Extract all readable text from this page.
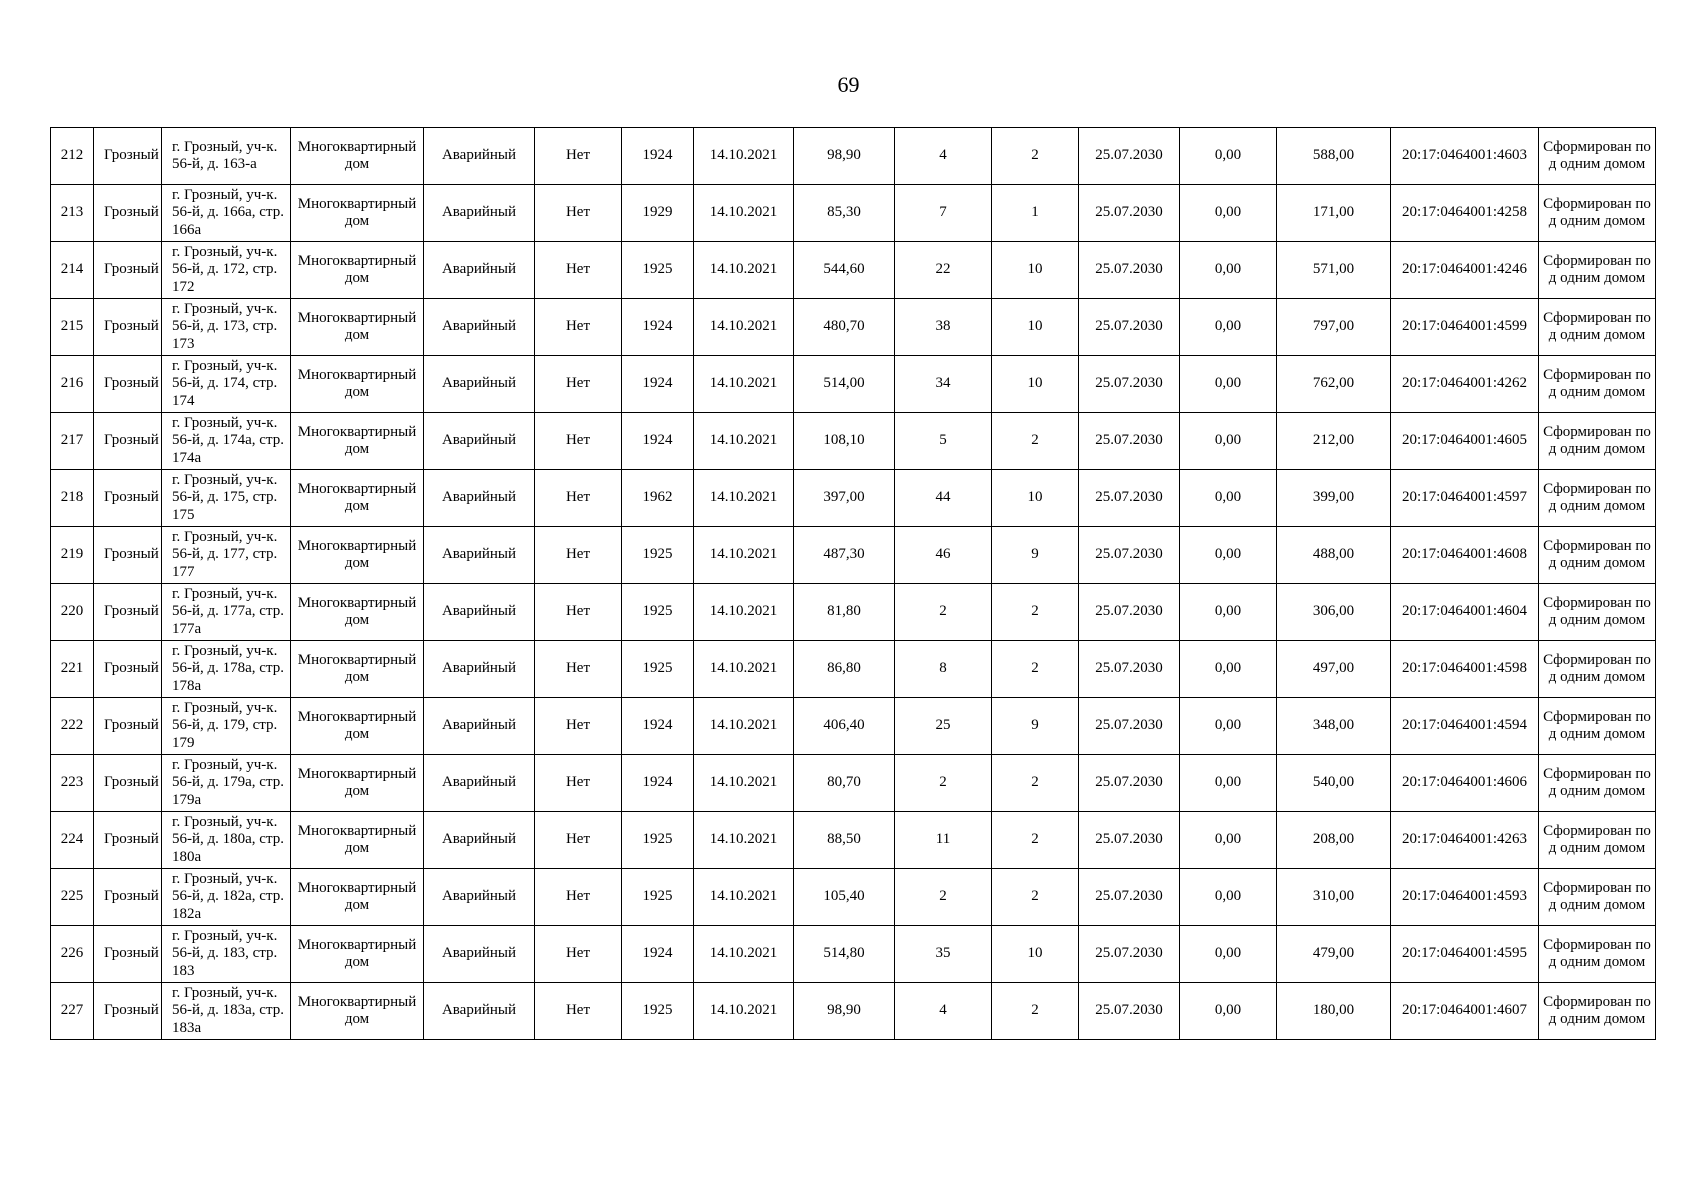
69
212	Грозный	г. Грозный, уч-к. 56-й, д. 163-а	Многоквартирный дом	Аварийный	Нет	1924	14.10.2021	98,90	4	2	25.07.2030	0,00	588,00	20:17:0464001:4603	Сформирован под одним домом
213	Грозный	г. Грозный, уч-к. 56-й, д. 166а, стр. 166а	Многоквартирный дом	Аварийный	Нет	1929	14.10.2021	85,30	7	1	25.07.2030	0,00	171,00	20:17:0464001:4258	Сформирован под одним домом
214	Грозный	г. Грозный, уч-к. 56-й, д. 172, стр. 172	Многоквартирный дом	Аварийный	Нет	1925	14.10.2021	544,60	22	10	25.07.2030	0,00	571,00	20:17:0464001:4246	Сформирован под одним домом
215	Грозный	г. Грозный, уч-к. 56-й, д. 173, стр. 173	Многоквартирный дом	Аварийный	Нет	1924	14.10.2021	480,70	38	10	25.07.2030	0,00	797,00	20:17:0464001:4599	Сформирован под одним домом
216	Грозный	г. Грозный, уч-к. 56-й, д. 174, стр. 174	Многоквартирный дом	Аварийный	Нет	1924	14.10.2021	514,00	34	10	25.07.2030	0,00	762,00	20:17:0464001:4262	Сформирован под одним домом
217	Грозный	г. Грозный, уч-к. 56-й, д. 174а, стр. 174а	Многоквартирный дом	Аварийный	Нет	1924	14.10.2021	108,10	5	2	25.07.2030	0,00	212,00	20:17:0464001:4605	Сформирован под одним домом
218	Грозный	г. Грозный, уч-к. 56-й, д. 175, стр. 175	Многоквартирный дом	Аварийный	Нет	1962	14.10.2021	397,00	44	10	25.07.2030	0,00	399,00	20:17:0464001:4597	Сформирован под одним домом
219	Грозный	г. Грозный, уч-к. 56-й, д. 177, стр. 177	Многоквартирный дом	Аварийный	Нет	1925	14.10.2021	487,30	46	9	25.07.2030	0,00	488,00	20:17:0464001:4608	Сформирован под одним домом
220	Грозный	г. Грозный, уч-к. 56-й, д. 177а, стр. 177а	Многоквартирный дом	Аварийный	Нет	1925	14.10.2021	81,80	2	2	25.07.2030	0,00	306,00	20:17:0464001:4604	Сформирован под одним домом
221	Грозный	г. Грозный, уч-к. 56-й, д. 178а, стр. 178а	Многоквартирный дом	Аварийный	Нет	1925	14.10.2021	86,80	8	2	25.07.2030	0,00	497,00	20:17:0464001:4598	Сформирован под одним домом
222	Грозный	г. Грозный, уч-к. 56-й, д. 179, стр. 179	Многоквартирный дом	Аварийный	Нет	1924	14.10.2021	406,40	25	9	25.07.2030	0,00	348,00	20:17:0464001:4594	Сформирован под одним домом
223	Грозный	г. Грозный, уч-к. 56-й, д. 179а, стр. 179а	Многоквартирный дом	Аварийный	Нет	1924	14.10.2021	80,70	2	2	25.07.2030	0,00	540,00	20:17:0464001:4606	Сформирован под одним домом
224	Грозный	г. Грозный, уч-к. 56-й, д. 180а, стр. 180а	Многоквартирный дом	Аварийный	Нет	1925	14.10.2021	88,50	11	2	25.07.2030	0,00	208,00	20:17:0464001:4263	Сформирован под одним домом
225	Грозный	г. Грозный, уч-к. 56-й, д. 182а, стр. 182а	Многоквартирный дом	Аварийный	Нет	1925	14.10.2021	105,40	2	2	25.07.2030	0,00	310,00	20:17:0464001:4593	Сформирован под одним домом
226	Грозный	г. Грозный, уч-к. 56-й, д. 183, стр. 183	Многоквартирный дом	Аварийный	Нет	1924	14.10.2021	514,80	35	10	25.07.2030	0,00	479,00	20:17:0464001:4595	Сформирован под одним домом
227	Грозный	г. Грозный, уч-к. 56-й, д. 183а, стр. 183а	Многоквартирный дом	Аварийный	Нет	1925	14.10.2021	98,90	4	2	25.07.2030	0,00	180,00	20:17:0464001:4607	Сформирован под одним домом
